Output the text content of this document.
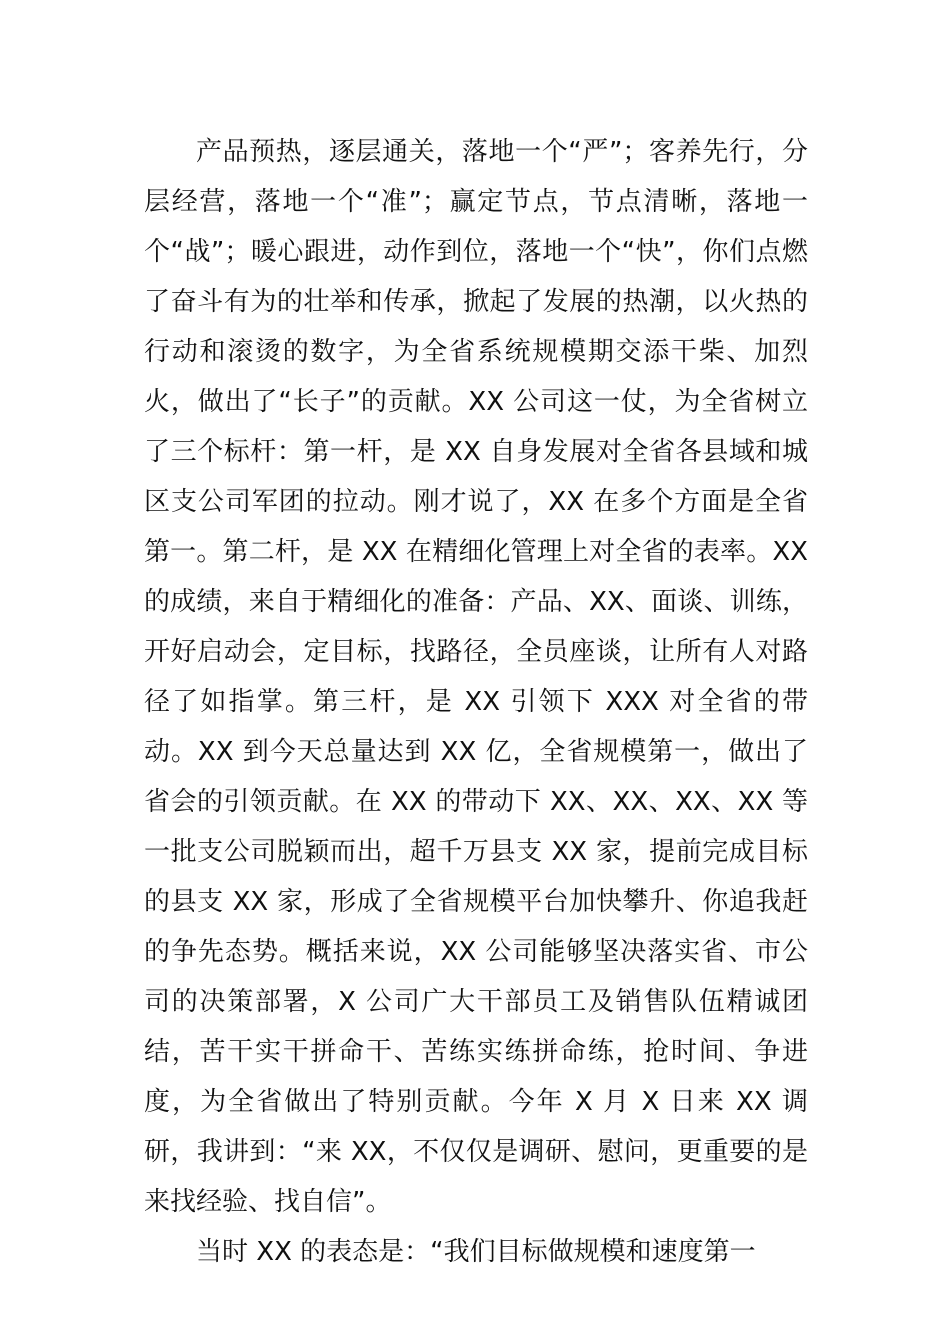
产品预热，逐层通关，落地一个“严”；客养先行，分层经营，落地一个“准”；赢定节点，节点清晰，落地一个“战”；暖心跟进，动作到位，落地一个“快”，你们点燃了奋斗有为的壮举和传承，掀起了发展的热潮，以火热的行动和滚烫的数字，为全省系统规模期交添干柴、加烈火，做出了“长子”的贡献。XX 公司这一仗，为全省树立了三个标杆：第一杆，是 XX 自身发展对全省各县域和城区支公司军团的拉动。刚才说了，XX 在多个方面是全省第一。第二杆，是 XX 在精细化管理上对全省的表率。XX 的成绩，来自于精细化的准备：产品、XX、面谈、训练，开好启动会，定目标，找路径，全员座谈，让所有人对路径了如指掌。第三杆，是 XX 引领下 XXX 对全省的带动。XX 到今天总量达到 XX 亿，全省规模第一，做出了省会的引领贡献。在 XX 的带动下 XX、XX、XX、XX 等一批支公司脱颖而出，超千万县支 XX 家，提前完成目标的县支 XX 家，形成了全省规模平台加快攀升、你追我赶的争先态势。概括来说，XX 公司能够坚决落实省、市公司的决策部署，X 公司广大干部员工及销售队伍精诚团结，苦干实干拼命干、苦练实练拼命练，抢时间、争进度，为全省做出了特别贡献。今年 X 月 X 日来 XX 调研，我讲到：“来 XX，不仅仅是调研、慰问，更重要的是来找经验、找自信”。

当时 XX 的表态是：“我们目标做规模和速度第一
